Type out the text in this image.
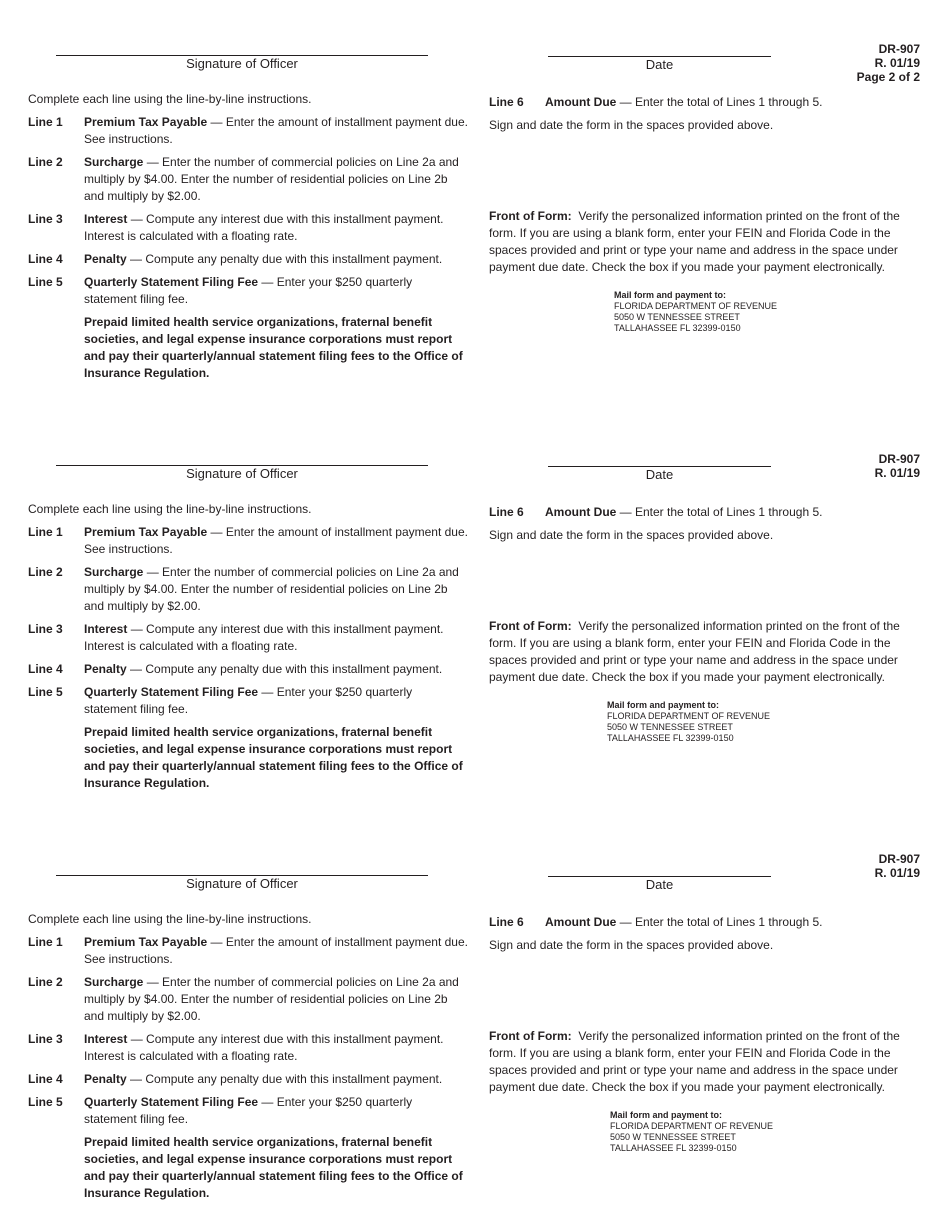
Signature of Officer	Date
DR-907
R. 01/19
Page 2 of 2

Complete each line using the line-by-line instructions.

Line 1	Premium Tax Payable — Enter the amount of installment payment due. See instructions.
Line 2	Surcharge — Enter the number of commercial policies on Line 2a and multiply by $4.00. Enter the number of residential policies on Line 2b and multiply by $2.00.
Line 3	Interest — Compute any interest due with this installment payment. Interest is calculated with a floating rate.
Line 4	Penalty — Compute any penalty due with this installment payment.
Line 5	Quarterly Statement Filing Fee — Enter your $250 quarterly statement filing fee.
Prepaid limited health service organizations, fraternal benefit societies, and legal expense insurance corporations must report and pay their quarterly/annual statement filing fees to the Office of Insurance Regulation.
Line 6	Amount Due — Enter the total of Lines 1 through 5.

Sign and date the form in the spaces provided above.

Front of Form:  Verify the personalized information printed on the front of the form. If you are using a blank form, enter your FEIN and Florida Code in the spaces provided and print or type your name and address in the space under payment due date. Check the box if you made your payment electronically.
Mail form and payment to:
FLORIDA DEPARTMENT OF REVENUE
5050 W TENNESSEE STREET
TALLAHASSEE FL 32399-0150
Signature of Officer	Date
DR-907
R. 01/19

Complete each line using the line-by-line instructions.

Line 1	Premium Tax Payable — Enter the amount of installment payment due. See instructions.
Line 2	Surcharge — Enter the number of commercial policies on Line 2a and multiply by $4.00. Enter the number of residential policies on Line 2b and multiply by $2.00.
Line 3	Interest — Compute any interest due with this installment payment. Interest is calculated with a floating rate.
Line 4	Penalty — Compute any penalty due with this installment payment.
Line 5	Quarterly Statement Filing Fee — Enter your $250 quarterly statement filing fee.
Prepaid limited health service organizations, fraternal benefit societies, and legal expense insurance corporations must report and pay their quarterly/annual statement filing fees to the Office of Insurance Regulation.
Line 6	Amount Due — Enter the total of Lines 1 through 5.

Sign and date the form in the spaces provided above.

Front of Form:  Verify the personalized information printed on the front of the form. If you are using a blank form, enter your FEIN and Florida Code in the spaces provided and print or type your name and address in the space under payment due date. Check the box if you made your payment electronically.
Mail form and payment to:
FLORIDA DEPARTMENT OF REVENUE
5050 W TENNESSEE STREET
TALLAHASSEE FL 32399-0150
Signature of Officer	Date
DR-907
R. 01/19

Complete each line using the line-by-line instructions.

Line 1	Premium Tax Payable — Enter the amount of installment payment due. See instructions.
Line 2	Surcharge — Enter the number of commercial policies on Line 2a and multiply by $4.00. Enter the number of residential policies on Line 2b and multiply by $2.00.
Line 3	Interest — Compute any interest due with this installment payment. Interest is calculated with a floating rate.
Line 4	Penalty — Compute any penalty due with this installment payment.
Line 5	Quarterly Statement Filing Fee — Enter your $250 quarterly statement filing fee.
Prepaid limited health service organizations, fraternal benefit societies, and legal expense insurance corporations must report and pay their quarterly/annual statement filing fees to the Office of Insurance Regulation.
Line 6	Amount Due — Enter the total of Lines 1 through 5.

Sign and date the form in the spaces provided above.

Front of Form:  Verify the personalized information printed on the front of the form. If you are using a blank form, enter your FEIN and Florida Code in the spaces provided and print or type your name and address in the space under payment due date. Check the box if you made your payment electronically.
Mail form and payment to:
FLORIDA DEPARTMENT OF REVENUE
5050 W TENNESSEE STREET
TALLAHASSEE FL 32399-0150
